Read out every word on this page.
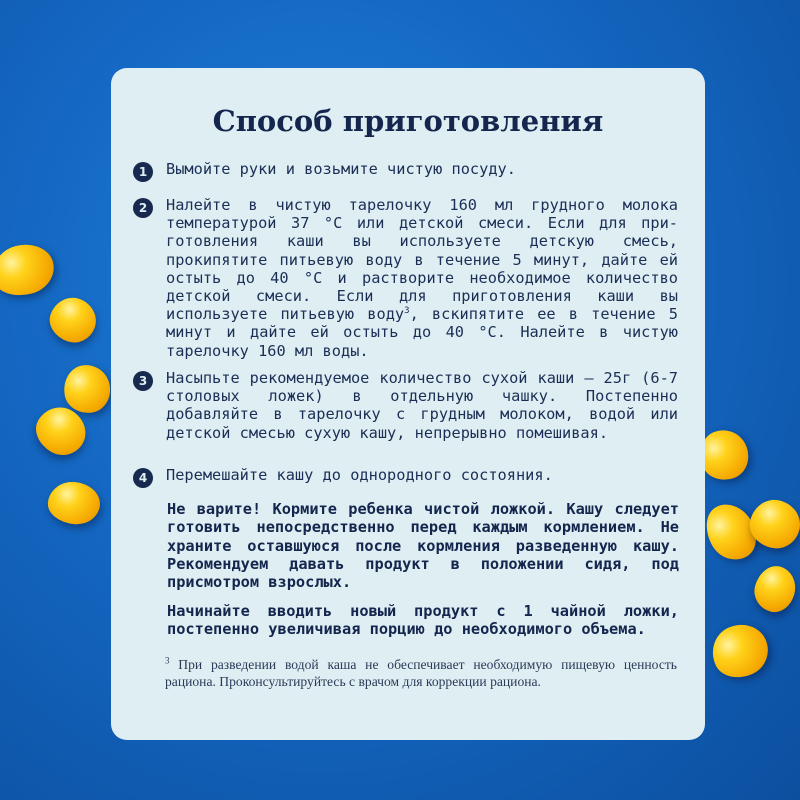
Способ приготовления
1	Вымойте руки и возьмите чистую посуду.
2	Налейте в чистую тарелочку 160 мл грудного молока температурой 37 °С или детской смеси. Если для при-готовления каши вы используете детскую смесь, прокипятите питьевую воду в течение 5 минут, дайте ей остыть до 40 °С и растворите необходимое количество детской смеси. Если для приготовления каши вы используете питьевую воду$^3$, вскипятите ее в течение 5 минут и дайте ей остыть до 40 °С. Налейте в чистую тарелочку 160 мл воды.
3	Насыпьте рекомендуемое количество сухой каши – 25г (6-7 столовых ложек) в отдельную чашку. Постепенно добавляйте в тарелочку с грудным молоком, водой или детской смесью сухую кашу, непрерывно помешивая.
4	Перемешайте кашу до однородного состояния.
Не варите! Кормите ребенка чистой ложкой. Кашу следует готовить непосредственно перед каждым кормлением. Не храните оставшуюся после кормления разведенную кашу. Рекомендуем давать продукт в положении сидя, под присмотром взрослых.
Начинайте вводить новый продукт с 1 чайной ложки, постепенно увеличивая порцию до необходимого объема.
$^3$ При разведении водой каша не обеспечивает необходимую пищевую ценность рациона. Проконсультируйтесь с врачом для коррекции рациона.
